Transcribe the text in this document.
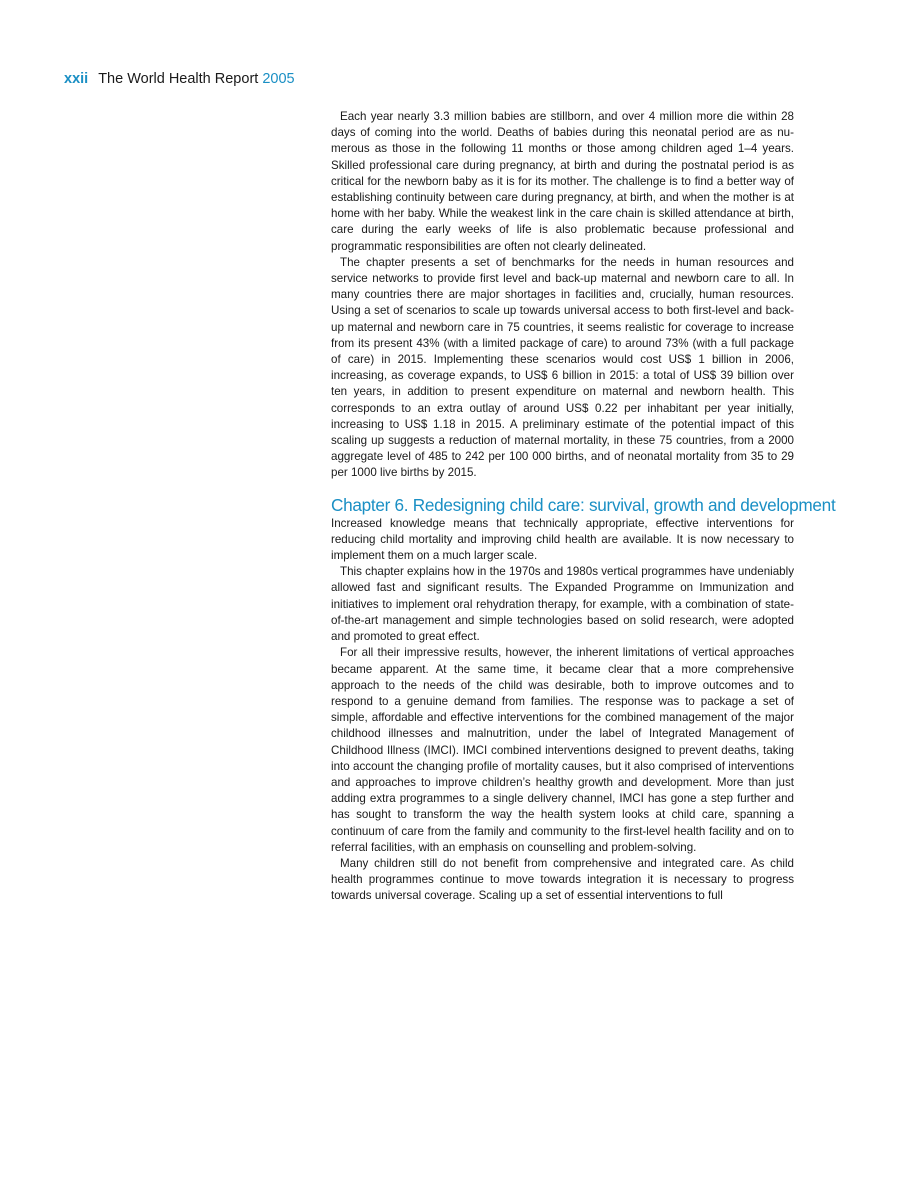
xxii The World Health Report 2005

Each year nearly 3.3 million babies are stillborn, and over 4 million more die within 28 days of coming into the world. Deaths of babies during this neonatal period are as numerous as those in the following 11 months or those among children aged 1–4 years. Skilled professional care during pregnancy, at birth and during the postnatal period is as critical for the newborn baby as it is for its mother. The challenge is to find a better way of establishing continuity between care during pregnancy, at birth, and when the mother is at home with her baby. While the weakest link in the care chain is skilled attendance at birth, care during the early weeks of life is also problematic because professional and programmatic responsibilities are often not clearly delineated.

The chapter presents a set of benchmarks for the needs in human resources and service networks to provide first level and back-up maternal and newborn care to all. In many countries there are major shortages in facilities and, crucially, human resources. Using a set of scenarios to scale up towards universal access to both first-level and back-up maternal and newborn care in 75 countries, it seems realistic for coverage to increase from its present 43% (with a limited package of care) to around 73% (with a full package of care) in 2015. Implementing these scenarios would cost US$ 1 billion in 2006, increasing, as coverage expands, to US$ 6 billion in 2015: a total of US$ 39 billion over ten years, in addition to present expenditure on maternal and newborn health. This corresponds to an extra outlay of around US$ 0.22 per inhabitant per year initially, increasing to US$ 1.18 in 2015. A preliminary estimate of the potential impact of this scaling up suggests a reduction of maternal mortality, in these 75 countries, from a 2000 aggregate level of 485 to 242 per 100 000 births, and of neonatal mortality from 35 to 29 per 1000 live births by 2015.

Chapter 6. Redesigning child care: survival, growth and development

Increased knowledge means that technically appropriate, effective interventions for reducing child mortality and improving child health are available. It is now necessary to implement them on a much larger scale.

This chapter explains how in the 1970s and 1980s vertical programmes have undeniably allowed fast and significant results. The Expanded Programme on Immunization and initiatives to implement oral rehydration therapy, for example, with a combination of state-of-the-art management and simple technologies based on solid research, were adopted and promoted to great effect.

For all their impressive results, however, the inherent limitations of vertical approaches became apparent. At the same time, it became clear that a more comprehensive approach to the needs of the child was desirable, both to improve outcomes and to respond to a genuine demand from families. The response was to package a set of simple, affordable and effective interventions for the combined management of the major childhood illnesses and malnutrition, under the label of Integrated Management of Childhood Illness (IMCI). IMCI combined interventions designed to prevent deaths, taking into account the changing profile of mortality causes, but it also comprised of interventions and approaches to improve children’s healthy growth and development. More than just adding extra programmes to a single delivery channel, IMCI has gone a step further and has sought to transform the way the health system looks at child care, spanning a continuum of care from the family and community to the first-level health facility and on to referral facilities, with an emphasis on counselling and problem-solving.

Many children still do not benefit from comprehensive and integrated care. As child health programmes continue to move towards integration it is necessary to progress towards universal coverage. Scaling up a set of essential interventions to full
